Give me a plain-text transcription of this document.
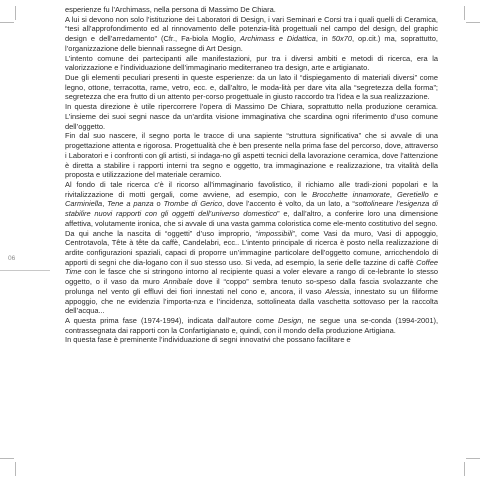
06

esperienze fu l’Archimass, nella persona di Massimo De Chiara.

A lui si devono non solo l’istituzione dei Laboratori di Design, i vari Seminari e Corsi tra i quali quelli di Ceramica, “tesi all’approfondimento ed al rinnovamento delle potenzia-lità progettuali nel campo del design, del graphic design e dell’arredamento” (Cfr., Fa-biola Moglio, Archimass e Didattica, in 50x70, op.cit.) ma, soprattutto, l’organizzazione delle biennali rassegne di Art Design.

L’intento comune dei partecipanti alle manifestazioni, pur tra i diversi ambiti e metodi di ricerca, era la valorizzazione e l’individuazione dell’immaginario mediterraneo tra design, arte e artigianato.

Due gli elementi peculiari presenti in queste esperienze: da un lato il “dispiegamento di materiali diversi” come legno, ottone, terracotta, rame, vetro, ecc. e, dall’altro, le moda-lità per dare vita alla “segretezza della forma”; segretezza che era frutto di un attento per-corso progettuale in giusto raccordo tra l’idea e la sua realizzazione.

In questa direzione è utile ripercorrere l’opera di Massimo De Chiara, soprattutto nella produzione ceramica. L’insieme dei suoi segni nasce da un’ardita visione immaginativa che scardina ogni riferimento d’uso comune dell’oggetto.

Fin dal suo nascere, il segno porta le tracce di una sapiente “struttura significativa” che si avvale di una progettazione attenta e rigorosa. Progettualità che è ben presente nella prima fase del percorso, dove, attraverso i Laboratori e i confronti con gli artisti, si indaga-no gli aspetti tecnici della lavorazione ceramica, dove l’attenzione è diretta a stabilire i rapporti interni tra segno e oggetto, tra immaginazione e realizzazione, tra vitalità della proposta e utilizzazione del materiale ceramico.

Al fondo di tale ricerca c’è il ricorso all’immaginario favolistico, il richiamo alle tradi-zioni popolari e la rivitalizzazione di motti gergali, come avviene, ad esempio, con le Brocchette innamorate, Geretiello e Carminiella, Tene a panza o Trombe di Gerico, dove l’accento è volto, da un lato, a “sottolineare l’esigenza di stabilire nuovi rapporti con gli oggetti dell’universo domestico” e, dall’altro, a conferire loro una dimensione affettiva, volutamente ironica, che si avvale di una vasta gamma coloristica come ele-mento costitutivo del segno.

Da qui anche la nascita di “oggetti” d’uso improprio, “impossibili”, come Vasi da muro, Vasi di appoggio, Centrotavola, Tête à tête da caffè, Candelabri, ecc.. L’intento principale di ricerca è posto nella realizzazione di ardite configurazioni spaziali, capaci di proporre un’immagine particolare dell’oggetto comune, arricchendolo di apporti di segni che dia-logano con il suo stesso uso. Si veda, ad esempio, la serie delle tazzine di caffè Coffee Time con le fasce che si stringono intorno al recipiente quasi a voler elevare a rango di ce-lebrante lo stesso oggetto, o il vaso da muro Annibale dove il “coppo” sembra tenuto so-speso dalla fascia svolazzante che prolunga nel vento gli effluvi dei fiori innestati nel cono e, ancora, il vaso Alessia, innestato su un filiforme appoggio, che ne evidenzia l’importa-nza e l’incidenza, sottolineata dalla vaschetta sottovaso per la raccolta dell’acqua...

A questa prima fase (1974-1994), indicata dall’autore come Design, ne segue una se-conda (1994-2001), contrassegnata dai rapporti con la Confartigianato e, quindi, con il mondo della produzione Artigiana.

In questa fase è preminente l’individuazione di segni innovativi che possano facilitare e
